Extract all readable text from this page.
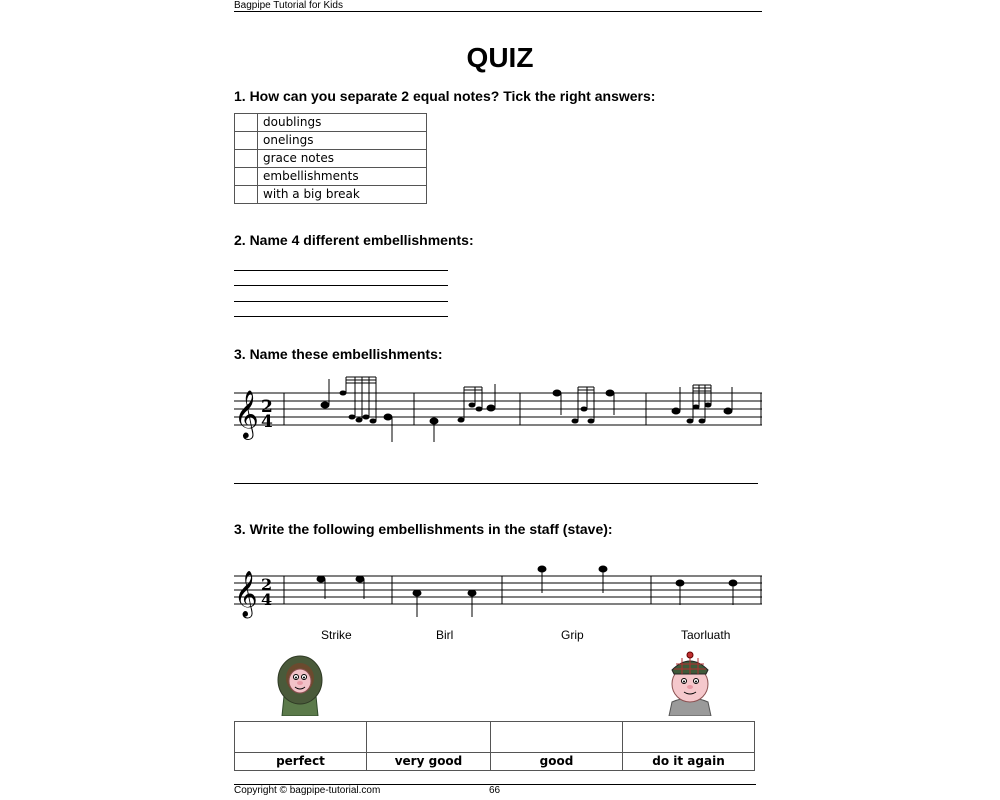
Bagpipe Tutorial for Kids
QUIZ
1. How can you separate 2 equal notes? Tick the right answers:
	doublings
	onelings
	grace notes
	embellishments
	with a big break
2. Name 4 different embellishments:
3. Name these embellishments:
𝄞 2
4
3. Write the following embellishments in the staff (stave):
𝄞 2
4
Strike	Birl	Grip	Taorluath

perfect	very good	good	do it again
Copyright © bagpipe-tutorial.com	66
